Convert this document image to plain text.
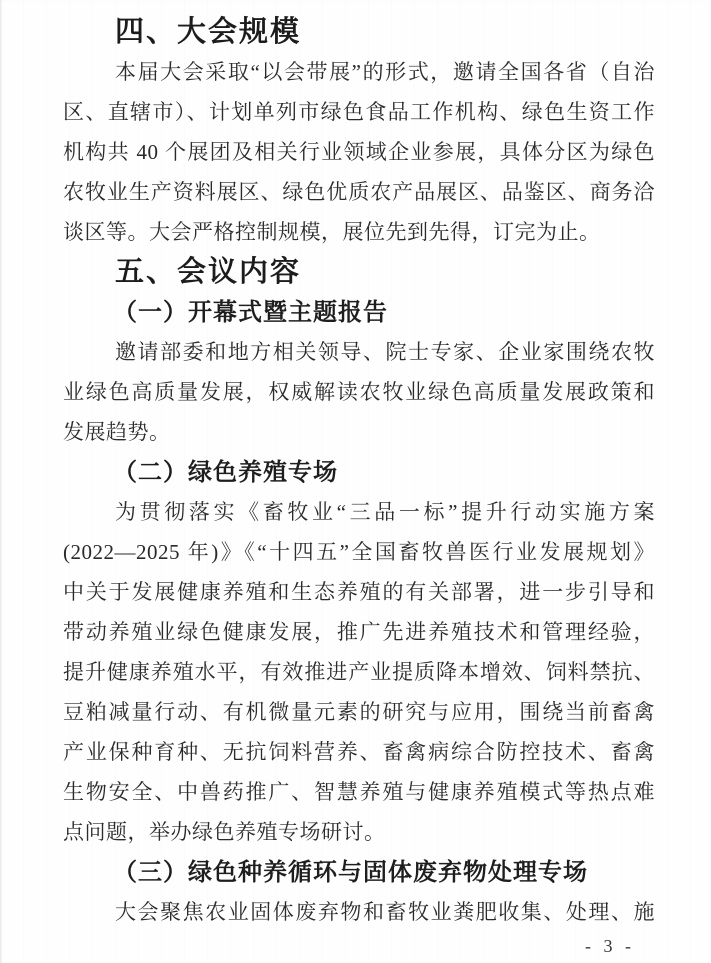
四、大会规模
本届大会采取“以会带展”的形式，邀请全国各省（自治
区、直辖市）、计划单列市绿色食品工作机构、绿色生资工作
机构共 40 个展团及相关行业领域企业参展，具体分区为绿色
农牧业生产资料展区、绿色优质农产品展区、品鉴区、商务洽
谈区等。大会严格控制规模，展位先到先得，订完为止。
五、会议内容
（一）开幕式暨主题报告
邀请部委和地方相关领导、院士专家、企业家围绕农牧
业绿色高质量发展，权威解读农牧业绿色高质量发展政策和
发展趋势。
（二）绿色养殖专场
为贯彻落实《畜牧业“三品一标”提升行动实施方案
(2022—2025 年)》《“十四五”全国畜牧兽医行业发展规划》
中关于发展健康养殖和生态养殖的有关部署，进一步引导和
带动养殖业绿色健康发展，推广先进养殖技术和管理经验，
提升健康养殖水平，有效推进产业提质降本增效、饲料禁抗、
豆粕减量行动、有机微量元素的研究与应用，围绕当前畜禽
产业保种育种、无抗饲料营养、畜禽病综合防控技术、畜禽
生物安全、中兽药推广、智慧养殖与健康养殖模式等热点难
点问题，举办绿色养殖专场研讨。
（三）绿色种养循环与固体废弃物处理专场
大会聚焦农业固体废弃物和畜牧业粪肥收集、处理、施
- 3 -
